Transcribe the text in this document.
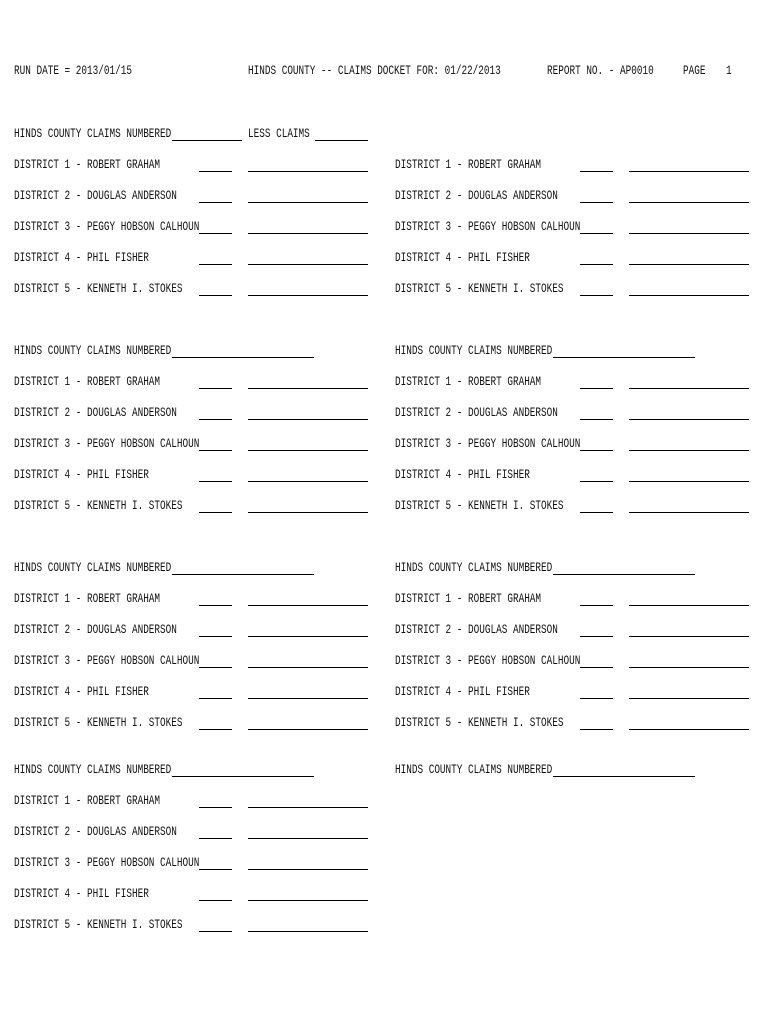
RUN DATE = 2013/01/15	HINDS COUNTY -- CLAIMS DOCKET FOR: 01/22/2013	REPORT NO. - AP0010 PAGE 1
HINDS COUNTY CLAIMS NUMBERED	LESS CLAIMS
DISTRICT 1 - ROBERT GRAHAM
DISTRICT 2 - DOUGLAS ANDERSON
DISTRICT 3 - PEGGY HOBSON CALHOUN
DISTRICT 4 - PHIL FISHER
DISTRICT 5 - KENNETH I. STOKES
DISTRICT 1 - ROBERT GRAHAM
DISTRICT 2 - DOUGLAS ANDERSON
DISTRICT 3 - PEGGY HOBSON CALHOUN
DISTRICT 4 - PHIL FISHER
DISTRICT 5 - KENNETH I. STOKES
HINDS COUNTY CLAIMS NUMBERED	HINDS COUNTY CLAIMS NUMBERED
DISTRICT 1 - ROBERT GRAHAM
DISTRICT 2 - DOUGLAS ANDERSON
DISTRICT 3 - PEGGY HOBSON CALHOUN
DISTRICT 4 - PHIL FISHER
DISTRICT 5 - KENNETH I. STOKES
DISTRICT 1 - ROBERT GRAHAM
DISTRICT 2 - DOUGLAS ANDERSON
DISTRICT 3 - PEGGY HOBSON CALHOUN
DISTRICT 4 - PHIL FISHER
DISTRICT 5 - KENNETH I. STOKES
HINDS COUNTY CLAIMS NUMBERED	HINDS COUNTY CLAIMS NUMBERED
DISTRICT 1 - ROBERT GRAHAM
DISTRICT 2 - DOUGLAS ANDERSON
DISTRICT 3 - PEGGY HOBSON CALHOUN
DISTRICT 4 - PHIL FISHER
DISTRICT 5 - KENNETH I. STOKES
DISTRICT 1 - ROBERT GRAHAM
DISTRICT 2 - DOUGLAS ANDERSON
DISTRICT 3 - PEGGY HOBSON CALHOUN
DISTRICT 4 - PHIL FISHER
DISTRICT 5 - KENNETH I. STOKES
HINDS COUNTY CLAIMS NUMBERED	HINDS COUNTY CLAIMS NUMBERED
DISTRICT 1 - ROBERT GRAHAM
DISTRICT 2 - DOUGLAS ANDERSON
DISTRICT 3 - PEGGY HOBSON CALHOUN
DISTRICT 4 - PHIL FISHER
DISTRICT 5 - KENNETH I. STOKES
